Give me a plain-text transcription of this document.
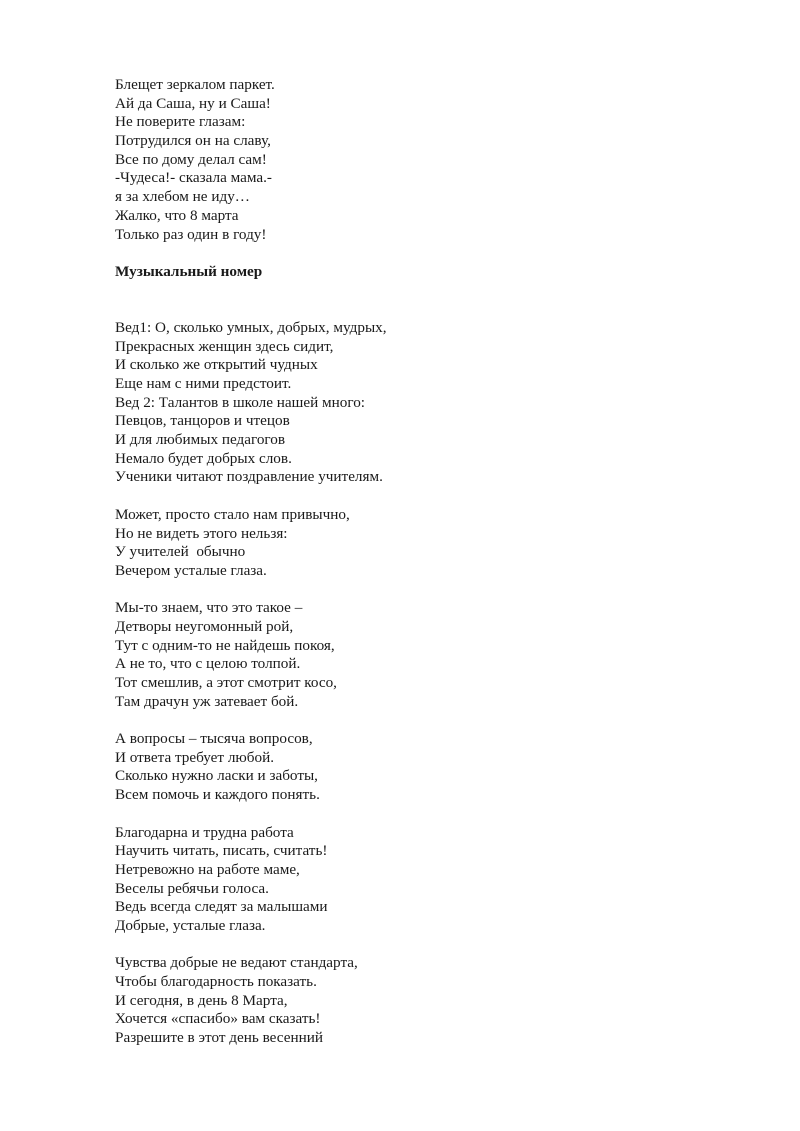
Блещет зеркалом паркет.
Ай да Саша, ну и Саша!
Не поверите глазам:
Потрудился он на славу,
Все по дому делал сам!
-Чудеса!- сказала мама.-
я за хлебом не иду…
Жалко, что 8 марта
Только раз один в году!
Музыкальный номер
Вед1: О, сколько умных, добрых, мудрых,
Прекрасных женщин здесь сидит,
И сколько же открытий чудных
Еще нам с ними предстоит.
Вед 2: Талантов в школе нашей много:
Певцов, танцоров и чтецов
И для любимых педагогов
Немало будет добрых слов.
Ученики читают поздравление учителям.
Может, просто стало нам привычно,
Но не видеть этого нельзя:
У учителей  обычно
Вечером усталые глаза.
Мы-то знаем, что это такое –
Детворы неугомонный рой,
Тут с одним-то не найдешь покоя,
А не то, что с целою толпой.
Тот смешлив, а этот смотрит косо,
Там драчун уж затевает бой.
А вопросы – тысяча вопросов,
И ответа требует любой.
Сколько нужно ласки и заботы,
Всем помочь и каждого понять.
Благодарна и трудна работа
Научить читать, писать, считать!
Нетревожно на работе маме,
Веселы ребячьи голоса.
Ведь всегда следят за малышами
Добрые, усталые глаза.
Чувства добрые не ведают стандарта,
Чтобы благодарность показать.
И сегодня, в день 8 Марта,
Хочется «спасибо» вам сказать!
Разрешите в этот день весенний
